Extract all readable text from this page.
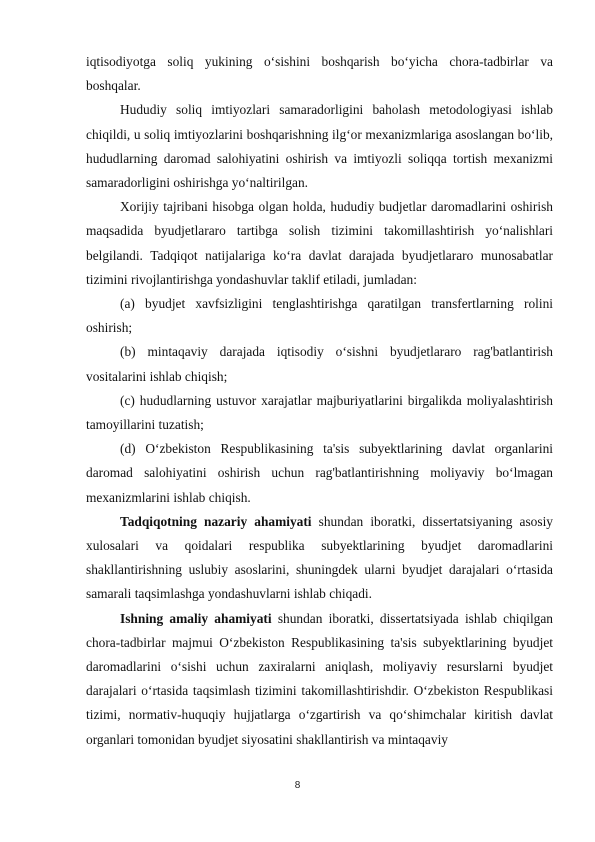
iqtisodiyotga soliq yukining o‘sishini boshqarish bo‘yicha chora-tadbirlar va boshqalar.

Hududiy soliq imtiyozlari samaradorligini baholash metodologiyasi ishlab chiqildi, u soliq imtiyozlarini boshqarishning ilg‘or mexanizmlariga asoslangan bo‘lib, hududlarning daromad salohiyatini oshirish va imtiyozli soliqqa tortish mexanizmi samaradorligini oshirishga yo‘naltirilgan.

Xorijiy tajribani hisobga olgan holda, hududiy budjetlar daromadlarini oshirish maqsadida byudjetlararo tartibga solish tizimini takomillashtirish yo‘nalishlari belgilandi. Tadqiqot natijalariga ko‘ra davlat darajada byudjetlararo munosabatlar tizimini rivojlantirishga yondashuvlar taklif etiladi, jumladan:

(a) byudjet xavfsizligini tenglashtirishga qaratilgan transfertlarning rolini oshirish;

(b) mintaqaviy darajada iqtisodiy o‘sishni byudjetlararo rag'batlantirish vositalarini ishlab chiqish;

(c) hududlarning ustuvor xarajatlar majburiyatlarini birgalikda moliyalashtirish tamoyillarini tuzatish;

(d) O‘zbekiston Respublikasining ta'sis subyektlarining davlat organlarini daromad salohiyatini oshirish uchun rag'batlantirishning moliyaviy bo‘lmagan mexanizmlarini ishlab chiqish.

Tadqiqotning nazariy ahamiyati shundan iboratki, dissertatsiyaning asosiy xulosalari va qoidalari respublika subyektlarining byudjet daromadlarini shakllantirishning uslubiy asoslarini, shuningdek ularni byudjet darajalari o‘rtasida samarali taqsimlashga yondashuvlarni ishlab chiqadi.

Ishning amaliy ahamiyati shundan iboratki, dissertatsiyada ishlab chiqilgan chora-tadbirlar majmui O‘zbekiston Respublikasining ta'sis subyektlarining byudjet daromadlarini o‘sishi uchun zaxiralarni aniqlash, moliyaviy resurslarni byudjet darajalari o‘rtasida taqsimlash tizimini takomillashtirishdir. O‘zbekiston Respublikasi tizimi, normativ-huquqiy hujjatlarga o‘zgartirish va qo‘shimchalar kiritish davlat organlari tomonidan byudjet siyosatini shakllantirish va mintaqaviy

8
